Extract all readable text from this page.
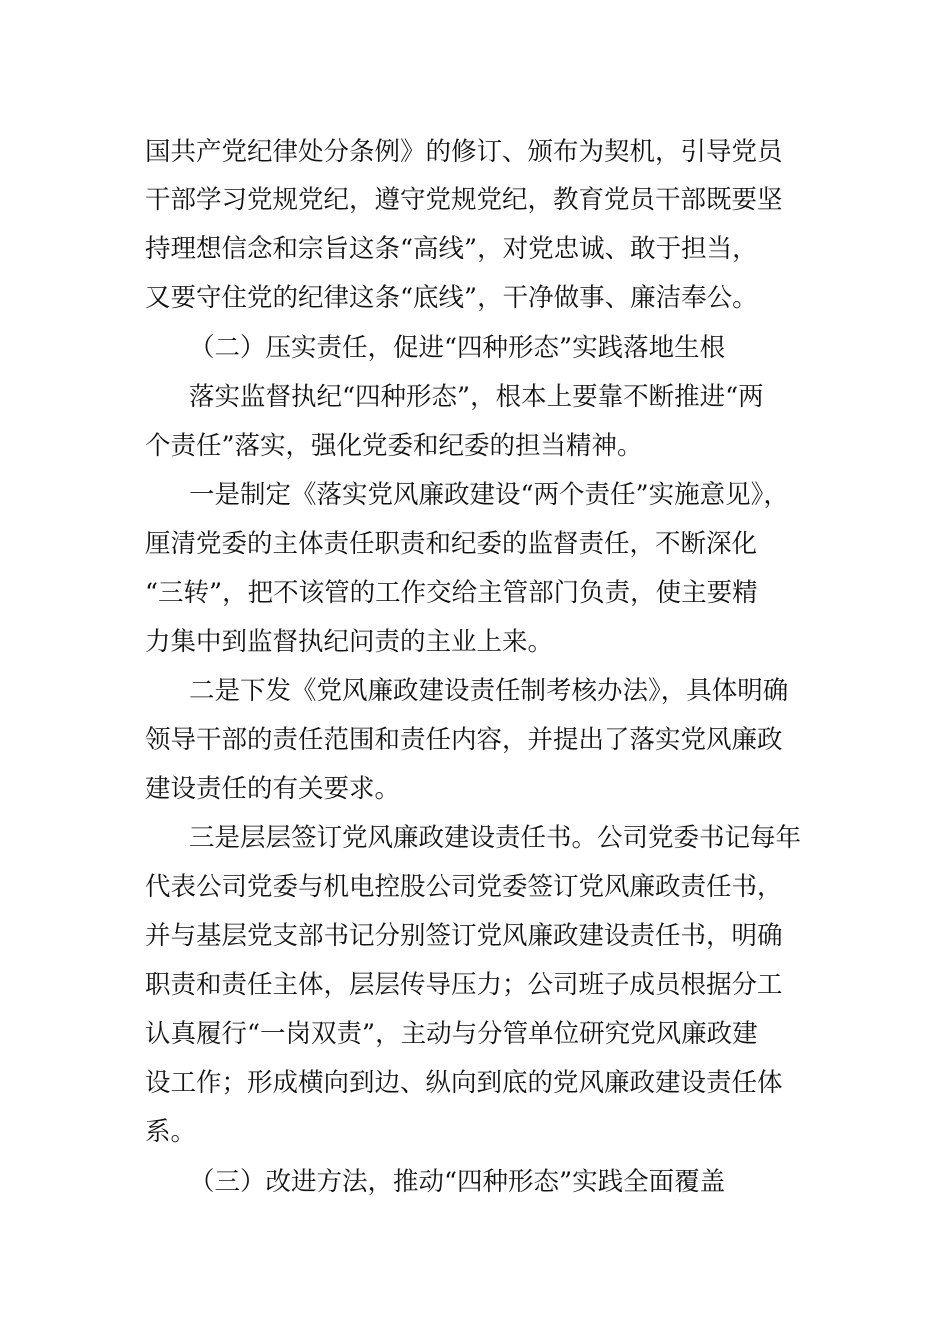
国共产党纪律处分条例》的修订、颁布为契机，引导党员
干部学习党规党纪，遵守党规党纪，教育党员干部既要坚
持理想信念和宗旨这条“高线”，对党忠诚、敢于担当，
又要守住党的纪律这条“底线”，干净做事、廉洁奉公。
（二）压实责任，促进“四种形态”实践落地生根
落实监督执纪“四种形态”，根本上要靠不断推进“两
个责任”落实，强化党委和纪委的担当精神。
一是制定《落实党风廉政建设“两个责任”实施意见》，
厘清党委的主体责任职责和纪委的监督责任，不断深化
“三转”，把不该管的工作交给主管部门负责，使主要精
力集中到监督执纪问责的主业上来。
二是下发《党风廉政建设责任制考核办法》，具体明确
领导干部的责任范围和责任内容，并提出了落实党风廉政
建设责任的有关要求。
三是层层签订党风廉政建设责任书。公司党委书记每年
代表公司党委与机电控股公司党委签订党风廉政责任书，
并与基层党支部书记分别签订党风廉政建设责任书，明确
职责和责任主体，层层传导压力；公司班子成员根据分工
认真履行“一岗双责”，主动与分管单位研究党风廉政建
设工作；形成横向到边、纵向到底的党风廉政建设责任体
系。
（三）改进方法，推动“四种形态”实践全面覆盖
